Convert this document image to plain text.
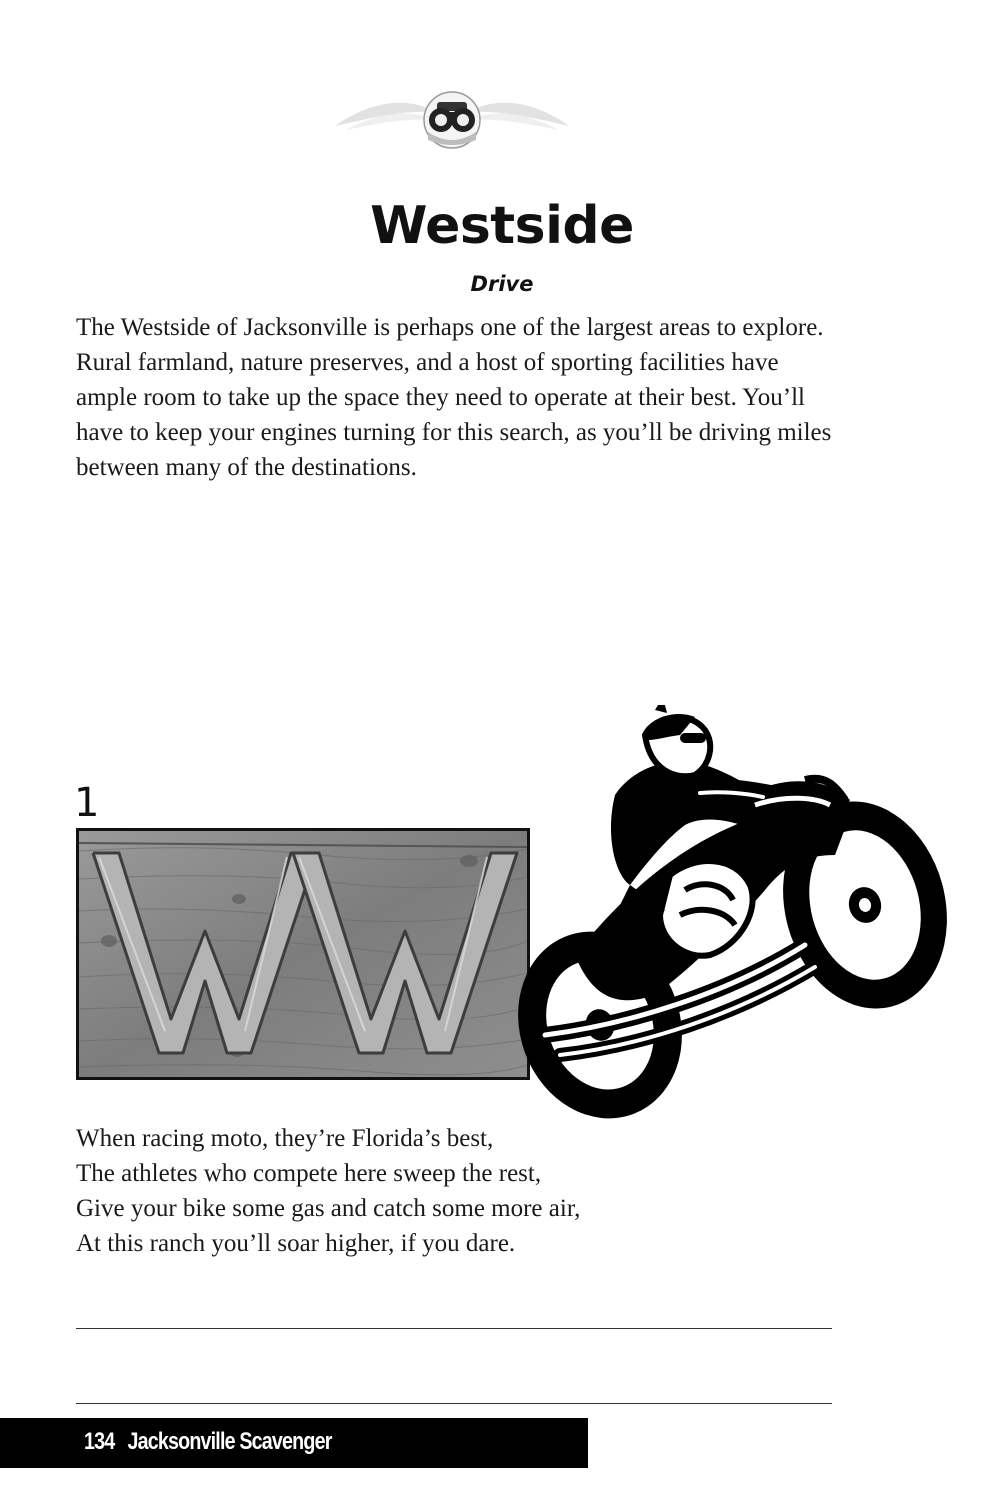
Westside
Drive

The Westside of Jacksonville is perhaps one of the largest areas to explore. Rural farmland, nature preserves, and a host of sporting facilities have ample room to take up the space they need to operate at their best. You’ll have to keep your engines turning for this search, as you’ll be driving miles between many of the destinations.

1
When racing moto, they’re Florida’s best,
The athletes who compete here sweep the rest,
Give your bike some gas and catch some more air,
At this ranch you’ll soar higher, if you dare.
134 Jacksonville Scavenger
